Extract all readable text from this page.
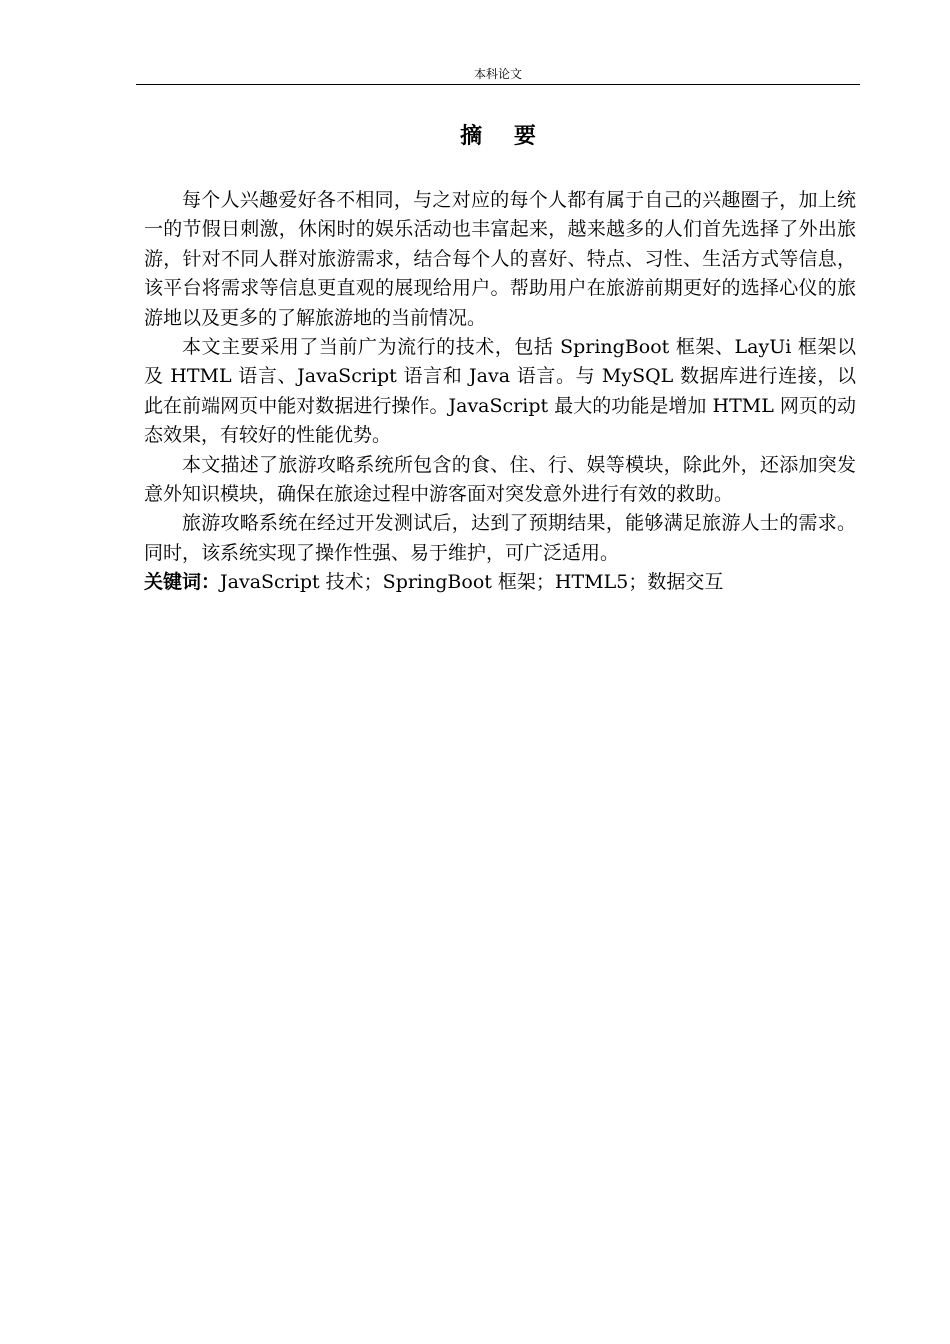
本科论文
摘 要

每个人兴趣爱好各不相同，与之对应的每个人都有属于自己的兴趣圈子，加上统一的节假日刺激，休闲时的娱乐活动也丰富起来，越来越多的人们首先选择了外出旅游，针对不同人群对旅游需求，结合每个人的喜好、特点、习性、生活方式等信息，该平台将需求等信息更直观的展现给用户。帮助用户在旅游前期更好的选择心仪的旅游地以及更多的了解旅游地的当前情况。

本文主要采用了当前广为流行的技术，包括 SpringBoot 框架、LayUi 框架以及 HTML 语言、JavaScript 语言和 Java 语言。与 MySQL 数据库进行连接，以此在前端网页中能对数据进行操作。JavaScript 最大的功能是增加 HTML 网页的动态效果，有较好的性能优势。

本文描述了旅游攻略系统所包含的食、住、行、娱等模块，除此外，还添加突发意外知识模块，确保在旅途过程中游客面对突发意外进行有效的救助。

旅游攻略系统在经过开发测试后，达到了预期结果，能够满足旅游人士的需求。同时，该系统实现了操作性强、易于维护，可广泛适用。

关键词：JavaScript 技术；SpringBoot 框架；HTML5；数据交互
